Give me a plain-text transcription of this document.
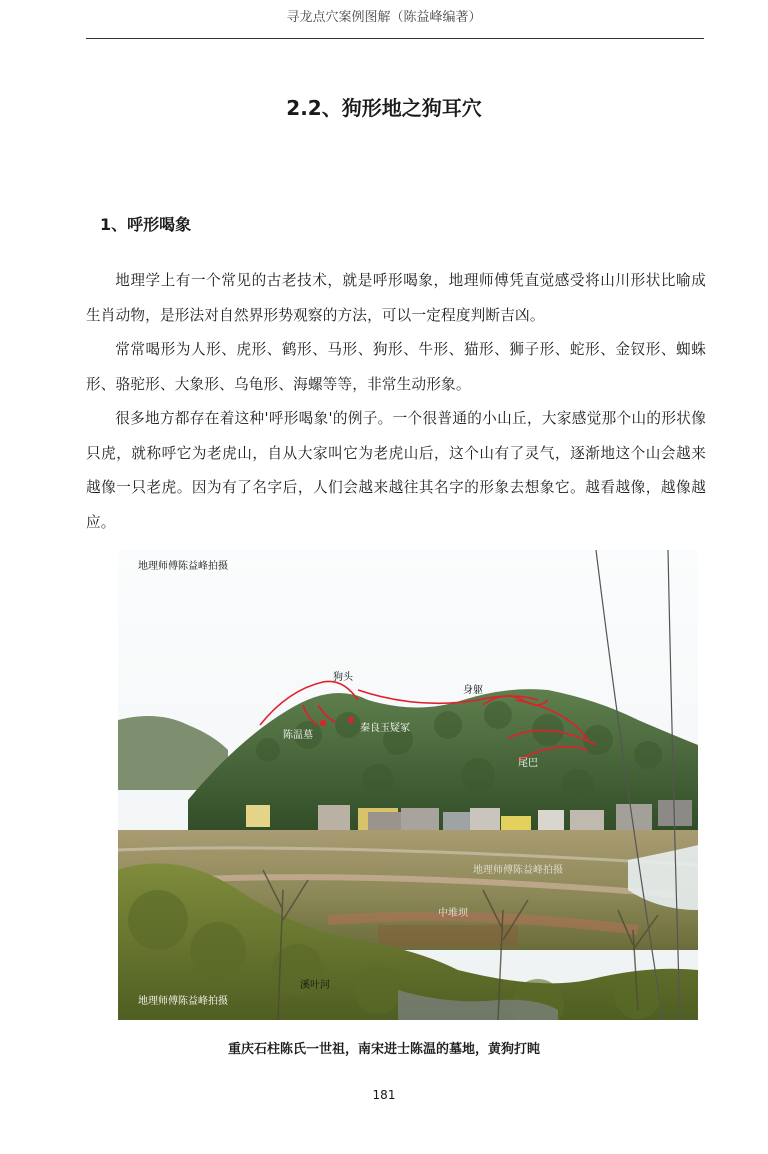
寻龙点穴案例图解（陈益峰编著）
2.2、狗形地之狗耳穴
1、呼形喝象

地理学上有一个常见的古老技术，就是呼形喝象，地理师傅凭直觉感受将山川形状比喻成生肖动物，是形法对自然界形势观察的方法，可以一定程度判断吉凶。

常常喝形为人形、虎形、鹤形、马形、狗形、牛形、猫形、狮子形、蛇形、金钗形、蜘蛛形、骆驼形、大象形、乌龟形、海螺等等，非常生动形象。

很多地方都存在着这种'呼形喝象'的例子。一个很普通的小山丘，大家感觉那个山的形状像只虎，就称呼它为老虎山，自从大家叫它为老虎山后，这个山有了灵气，逐渐地这个山会越来越像一只老虎。因为有了名字后，人们会越来越往其名字的形象去想象它。越看越像，越像越应。

地理师傅陈益峰拍摄
狗头
身躯
尾巴
陈温墓
秦良玉疑冢
地理师傅陈益峰拍摄
中堆坝
溪叶河
地理师傅陈益峰拍摄
重庆石柱陈氏一世祖，南宋进士陈温的墓地，黄狗打盹
181
